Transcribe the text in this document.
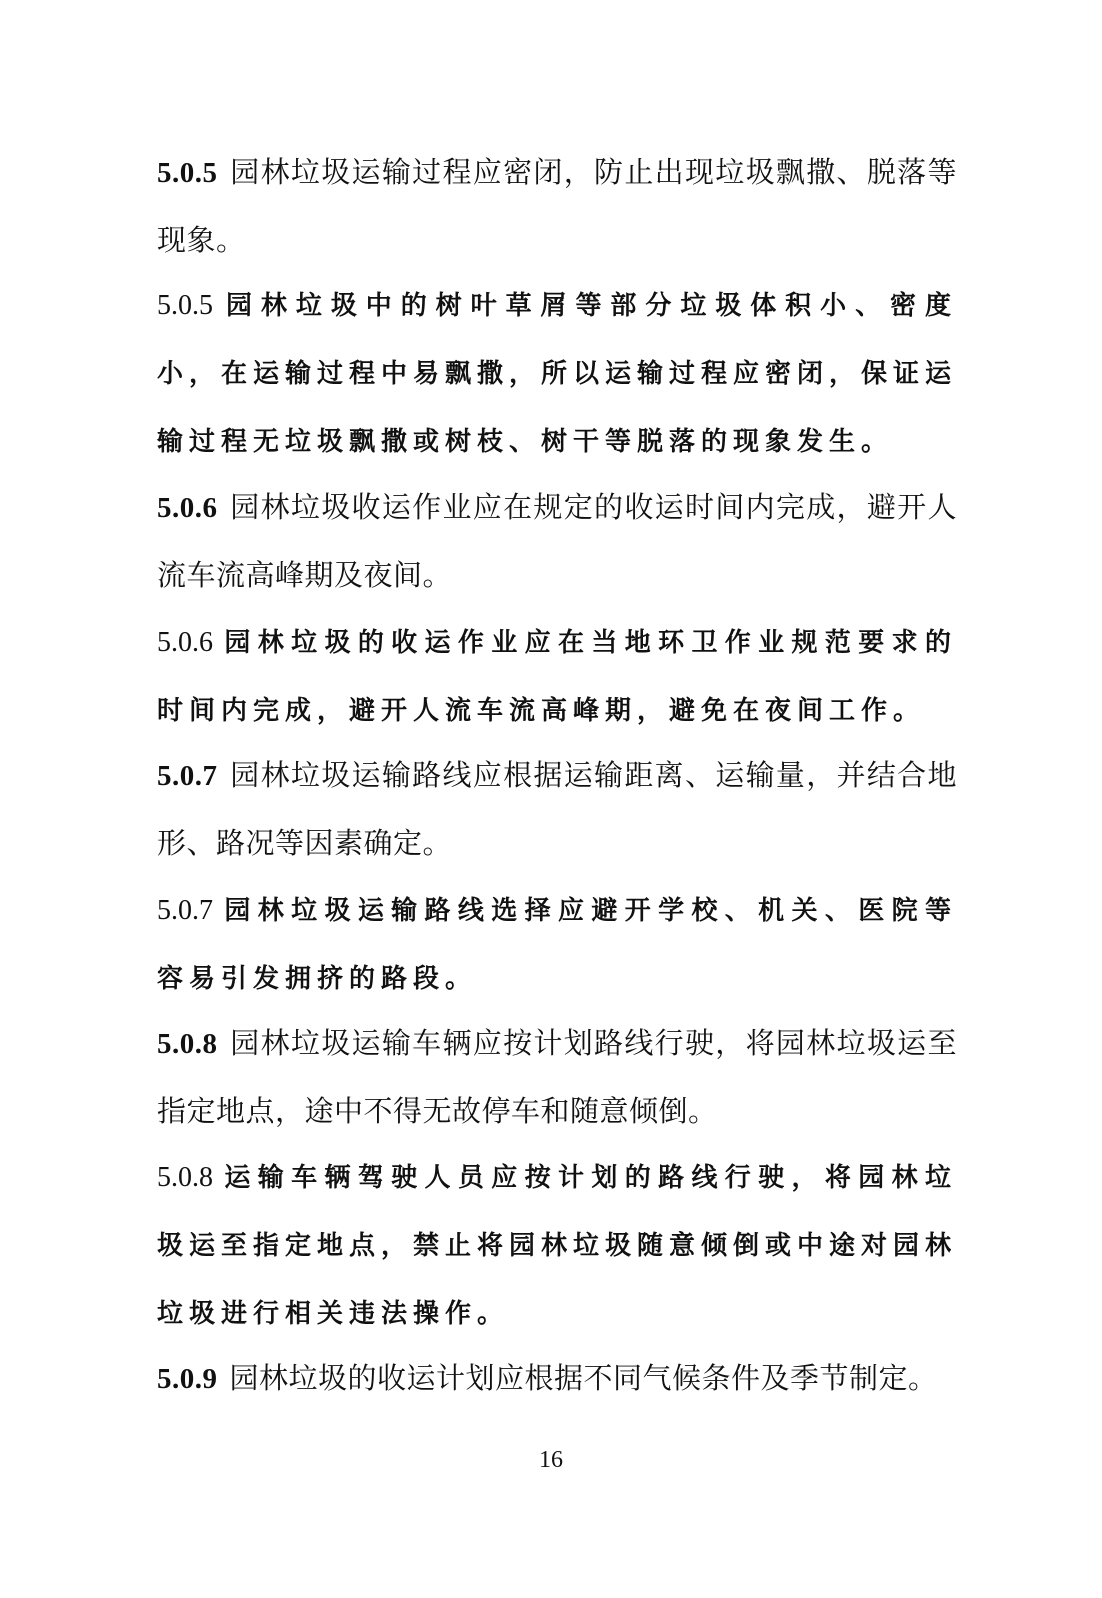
5.0.5 园林垃圾运输过程应密闭，防止出现垃圾飘撒、脱落等现象。
5.0.5 园林垃圾中的树叶草屑等部分垃圾体积小、密度小，在运输过程中易飘撒，所以运输过程应密闭，保证运输过程无垃圾飘撒或树枝、树干等脱落的现象发生。
5.0.6 园林垃圾收运作业应在规定的收运时间内完成，避开人流车流高峰期及夜间。
5.0.6 园林垃圾的收运作业应在当地环卫作业规范要求的时间内完成，避开人流车流高峰期，避免在夜间工作。
5.0.7 园林垃圾运输路线应根据运输距离、运输量，并结合地形、路况等因素确定。
5.0.7 园林垃圾运输路线选择应避开学校、机关、医院等容易引发拥挤的路段。
5.0.8 园林垃圾运输车辆应按计划路线行驶，将园林垃圾运至指定地点，途中不得无故停车和随意倾倒。
5.0.8 运输车辆驾驶人员应按计划的路线行驶，将园林垃圾运至指定地点，禁止将园林垃圾随意倾倒或中途对园林垃圾进行相关违法操作。
5.0.9 园林垃圾的收运计划应根据不同气候条件及季节制定。
16
